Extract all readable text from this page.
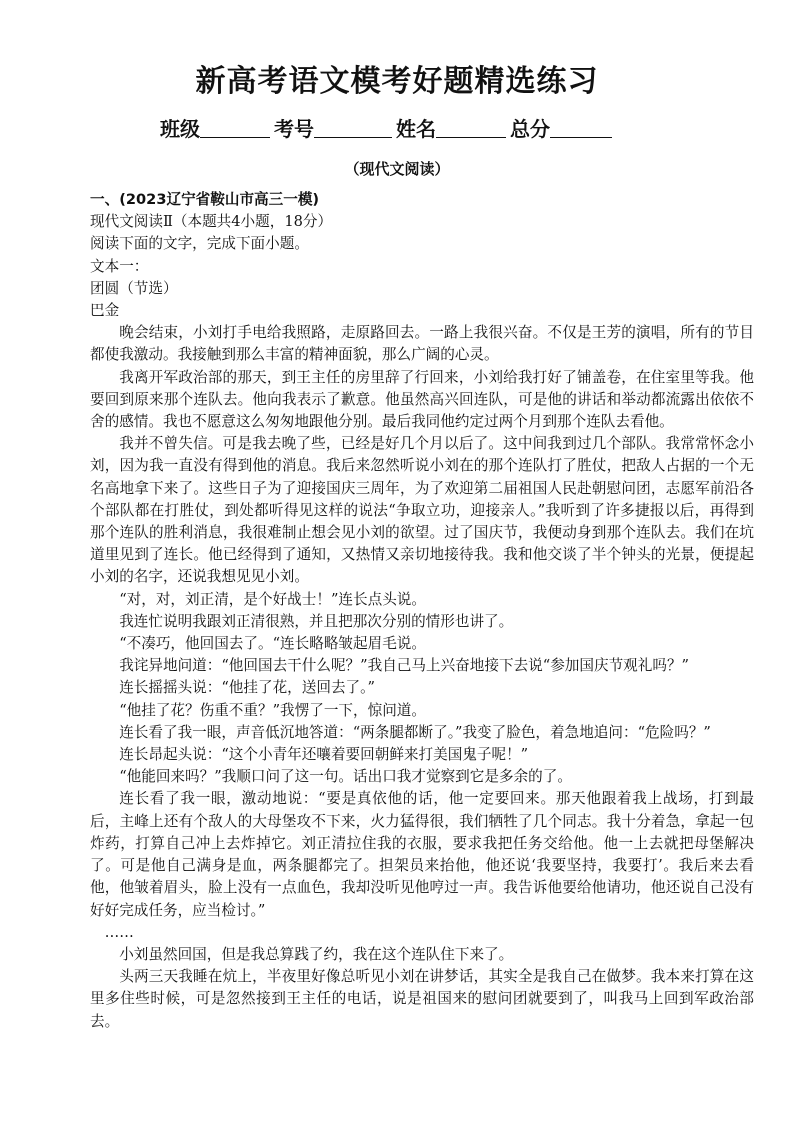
新高考语文模考好题精选练习
班级	考号	姓名	总分
（现代文阅读）

一、(2023辽宁省鞍山市高三一模)

现代文阅读Ⅱ（本题共4小题，18分）

阅读下面的文字，完成下面小题。

文本一：

团圆（节选）

巴金

晚会结束，小刘打手电给我照路，走原路回去。一路上我很兴奋。不仅是王芳的演唱，所有的节目都使我激动。我接触到那么丰富的精神面貌，那么广阔的心灵。

我离开军政治部的那天，到王主任的房里辞了行回来，小刘给我打好了铺盖卷，在住室里等我。他要回到原来那个连队去。他向我表示了歉意。他虽然高兴回连队，可是他的讲话和举动都流露出依依不舍的感情。我也不愿意这么匆匆地跟他分别。最后我同他约定过两个月到那个连队去看他。

我并不曾失信。可是我去晚了些，已经是好几个月以后了。这中间我到过几个部队。我常常怀念小刘，因为我一直没有得到他的消息。我后来忽然听说小刘在的那个连队打了胜仗，把敌人占据的一个无名高地拿下来了。这些日子为了迎接国庆三周年，为了欢迎第二届祖国人民赴朝慰问团，志愿军前沿各个部队都在打胜仗，到处都听得见这样的说法“争取立功，迎接亲人。”我听到了许多捷报以后，再得到那个连队的胜利消息，我很难制止想会见小刘的欲望。过了国庆节，我便动身到那个连队去。我们在坑道里见到了连长。他已经得到了通知，又热情又亲切地接待我。我和他交谈了半个钟头的光景，便提起小刘的名字，还说我想见见小刘。

“对，对，刘正清，是个好战士！”连长点头说。

我连忙说明我跟刘正清很熟，并且把那次分别的情形也讲了。

“不凑巧，他回国去了。“连长略略皱起眉毛说。

我诧异地问道：“他回国去干什么呢？”我自己马上兴奋地接下去说“参加国庆节观礼吗？”

连长摇摇头说：“他挂了花，送回去了。”

“他挂了花？伤重不重？”我愣了一下，惊问道。

连长看了我一眼，声音低沉地答道：“两条腿都断了。”我变了脸色，着急地追问：“危险吗？”

连长昂起头说：“这个小青年还嚷着要回朝鲜来打美国鬼子呢！”

“他能回来吗？”我顺口问了这一句。话出口我才觉察到它是多余的了。

连长看了我一眼，激动地说：“要是真依他的话，他一定要回来。那天他跟着我上战场，打到最后，主峰上还有个敌人的大母堡攻不下来，火力猛得很，我们牺牲了几个同志。我十分着急，拿起一包炸药，打算自己冲上去炸掉它。刘正清拉住我的衣服，要求我把任务交给他。他一上去就把母堡解决了。可是他自己满身是血，两条腿都完了。担架员来抬他，他还说‘我要坚持，我要打’。我后来去看他，他皱着眉头，脸上没有一点血色，我却没听见他哼过一声。我告诉他要给他请功，他还说自己没有好好完成任务，应当检讨。”

……

小刘虽然回国，但是我总算践了约，我在这个连队住下来了。

头两三天我睡在炕上，半夜里好像总听见小刘在讲梦话，其实全是我自己在做梦。我本来打算在这里多住些时候，可是忽然接到王主任的电话，说是祖国来的慰问团就要到了，叫我马上回到军政治部去。
